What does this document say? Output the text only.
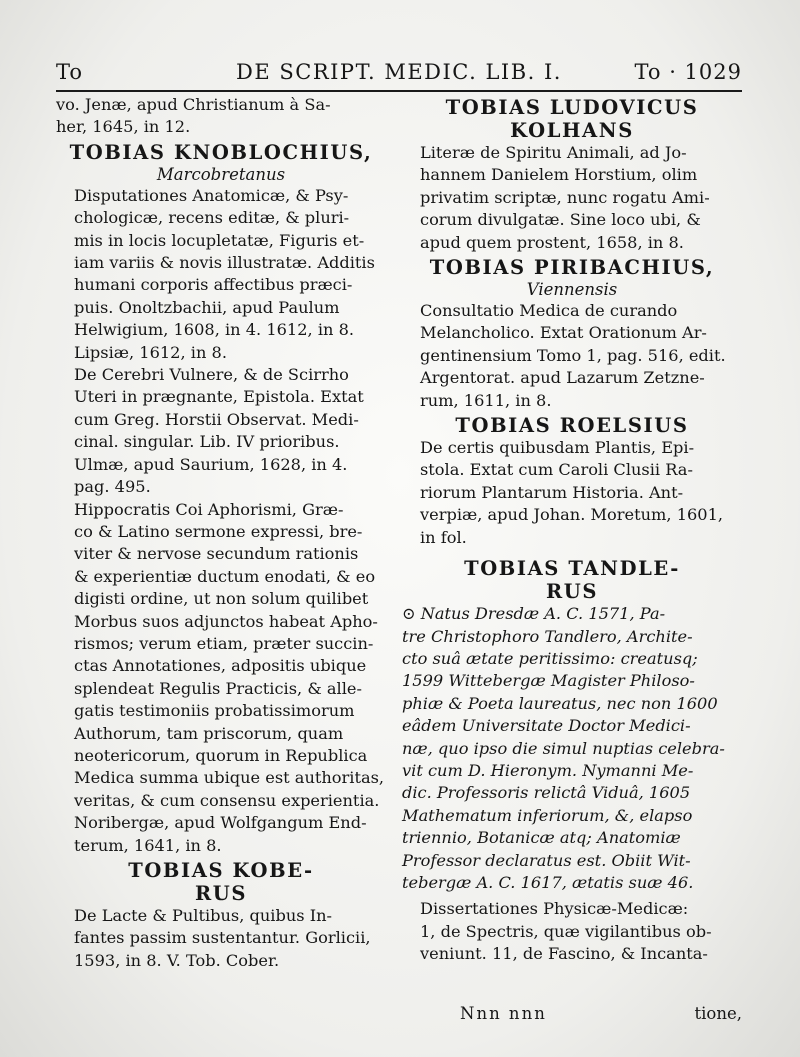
To	DE SCRIPT. MEDIC. LIB. I.	To · 1029

vo. Jenæ, apud Christianum à Sa-
her, 1645, in 12.

TOBIAS KNOBLOCHIUS,
Marcobretanus

Disputationes Anatomicæ, & Psy-
chologicæ, recens editæ, & pluri-
mis in locis locupletatæ, Figuris et-
iam variis & novis illustratæ. Additis
humani corporis affectibus præci-
puis. Onoltzbachii, apud Paulum
Helwigium, 1608, in 4. 1612, in 8.
Lipsiæ, 1612, in 8.

De Cerebri Vulnere, & de Scirrho
Uteri in prægnante, Epistola. Extat
cum Greg. Horstii Observat. Medi-
cinal. singular. Lib. IV prioribus.
Ulmæ, apud Saurium, 1628, in 4.
pag. 495.

Hippocratis Coi Aphorismi, Græ-
co & Latino sermone expressi, bre-
viter & nervose secundum rationis
& experientiæ ductum enodati, & eo
digisti ordine, ut non solum quilibet
Morbus suos adjunctos habeat Apho-
rismos; verum etiam, præter succin-
ctas Annotationes, adpositis ubique
splendeat Regulis Practicis, & alle-
gatis testimoniis probatissimorum
Authorum, tam priscorum, quam
neotericorum, quorum in Republica
Medica summa ubique est authoritas,
veritas, & cum consensu experientia.
Noribergæ, apud Wolfgangum End-
terum, 1641, in 8.

TOBIAS KOBE-
RUS

De Lacte & Pultibus, quibus In-
fantes passim sustentantur. Gorlicii,
1593, in 8. V. Tob. Cober.

TOBIAS LUDOVICUS
KOLHANS

Literæ de Spiritu Animali, ad Jo-
hannem Danielem Horstium, olim
privatim scriptæ, nunc rogatu Ami-
corum divulgatæ. Sine loco ubi, &
apud quem prostent, 1658, in 8.

TOBIAS PIRIBACHIUS,
Viennensis

Consultatio Medica de curando
Melancholico. Extat Orationum Ar-
gentinensium Tomo 1, pag. 516, edit.
Argentorat. apud Lazarum Zetzne-
rum, 1611, in 8.

TOBIAS ROELSIUS

De certis quibusdam Plantis, Epi-
stola. Extat cum Caroli Clusii Ra-
riorum Plantarum Historia. Ant-
verpiæ, apud Johan. Moretum, 1601,
in fol.

TOBIAS TANDLE-
RUS

⊙ Natus Dresdæ A. C. 1571, Pa-
tre Christophoro Tandlero, Archite-
cto suâ ætate peritissimo: creatusq;
1599 Wittebergæ Magister Philoso-
phiæ & Poeta laureatus, nec non 1600
eâdem Universitate Doctor Medici-
næ, quo ipso die simul nuptias celebra-
vit cum D. Hieronym. Nymanni Me-
dic. Professoris relictâ Viduâ, 1605
Mathematum inferiorum, &, elapso
triennio, Botanicæ atq; Anatomiæ
Professor declaratus est. Obiit Wit-
tebergæ A. C. 1617, ætatis suæ 46.

Dissertationes Physicæ-Medicæ:
1, de Spectris, quæ vigilantibus ob-
veniunt. 11, de Fascino, & Incanta-

Nnn nnn	tione,
